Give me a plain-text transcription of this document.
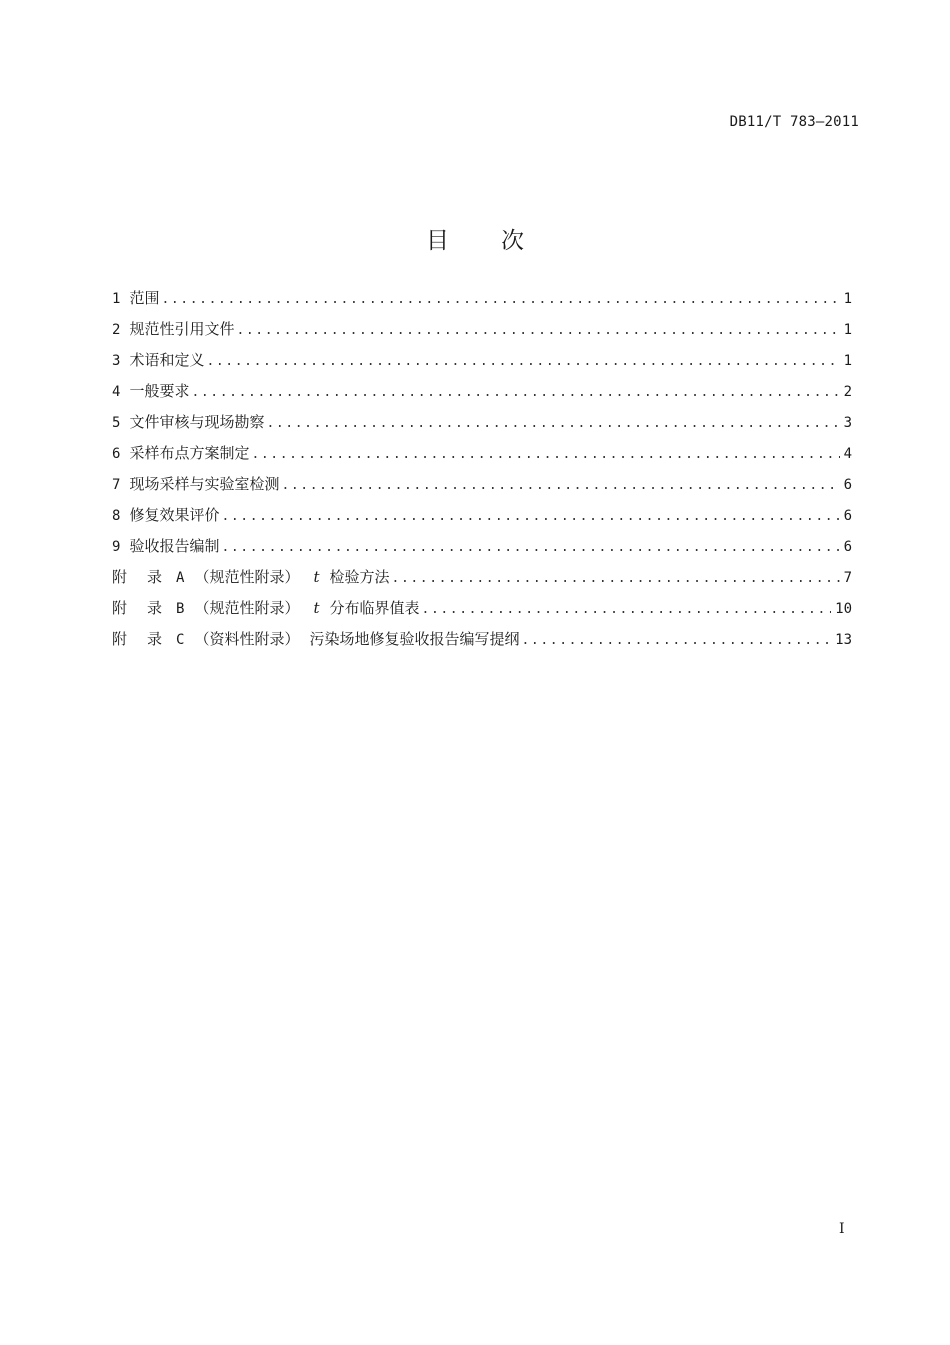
DB11/T 783—2011
目 次
1 范围 .....	1
2 规范性引用文件 .....	1
3 术语和定义 .....	1
4 一般要求 .....	2
5 文件审核与现场勘察 .....	3
6 采样布点方案制定 .....	4
7 现场采样与实验室检测 .....	6
8 修复效果评价 .....	6
9 验收报告编制 .....	6
附 录 A （规范性附录） t 检验方法 .....	7
附 录 B （规范性附录） t 分布临界值表 .....	10
附 录 C （资料性附录） 污染场地修复验收报告编写提纲 .....	13
I
